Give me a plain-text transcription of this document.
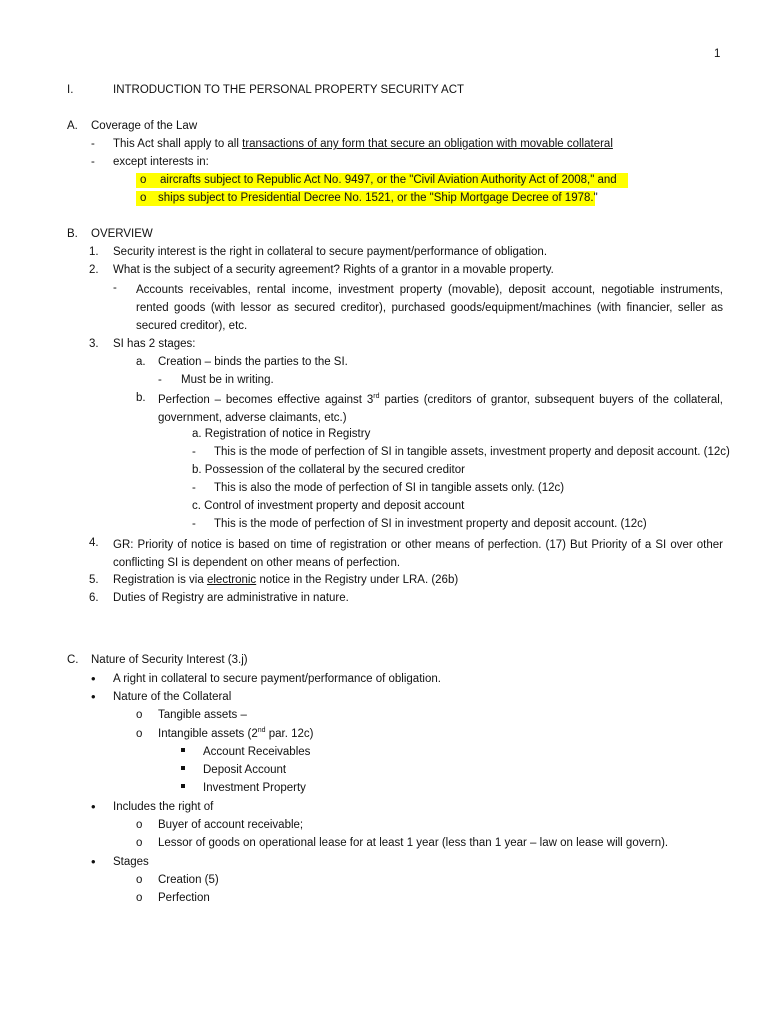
1
I.	INTRODUCTION TO THE PERSONAL PROPERTY SECURITY ACT
A. Coverage of the Law
- This Act shall apply to all transactions of any form that secure an obligation with movable collateral
- except interests in:
o aircrafts subject to Republic Act No. 9497, or the "Civil Aviation Authority Act of 2008," and

o ships subject to Presidential Decree No. 1521, or the "Ship Mortgage Decree of 1978."

B. OVERVIEW
1. Security interest is the right in collateral to secure payment/performance of obligation.
2. What is the subject of a security agreement? Rights of a grantor in a movable property.
- Accounts receivables, rental income, investment property (movable), deposit account, negotiable instruments, rented goods (with lessor as secured creditor), purchased goods/equipment/machines (with financier, seller as secured creditor), etc.
3. SI has 2 stages:
a. Creation – binds the parties to the SI.
- Must be in writing.
b. Perfection – becomes effective against 3rd parties (creditors of grantor, subsequent buyers of the collateral, government, adverse claimants, etc.)
a. Registration of notice in Registry
- This is the mode of perfection of SI in tangible assets, investment property and deposit account. (12c)
b. Possession of the collateral by the secured creditor
- This is also the mode of perfection of SI in tangible assets only. (12c)
c. Control of investment property and deposit account
- This is the mode of perfection of SI in investment property and deposit account. (12c)
4. GR: Priority of notice is based on time of registration or other means of perfection. (17) But Priority of a SI over other conflicting SI is dependent on other means of perfection.
5. Registration is via electronic notice in the Registry under LRA. (26b)
6. Duties of Registry are administrative in nature.
C. Nature of Security Interest (3.j)
• A right in collateral to secure payment/performance of obligation.
• Nature of the Collateral
o Tangible assets –
o Intangible assets (2nd par. 12c)
Account Receivables
Deposit Account
Investment Property
• Includes the right of
o Buyer of account receivable;
o Lessor of goods on operational lease for at least 1 year (less than 1 year – law on lease will govern).
• Stages
o Creation (5)
o Perfection
